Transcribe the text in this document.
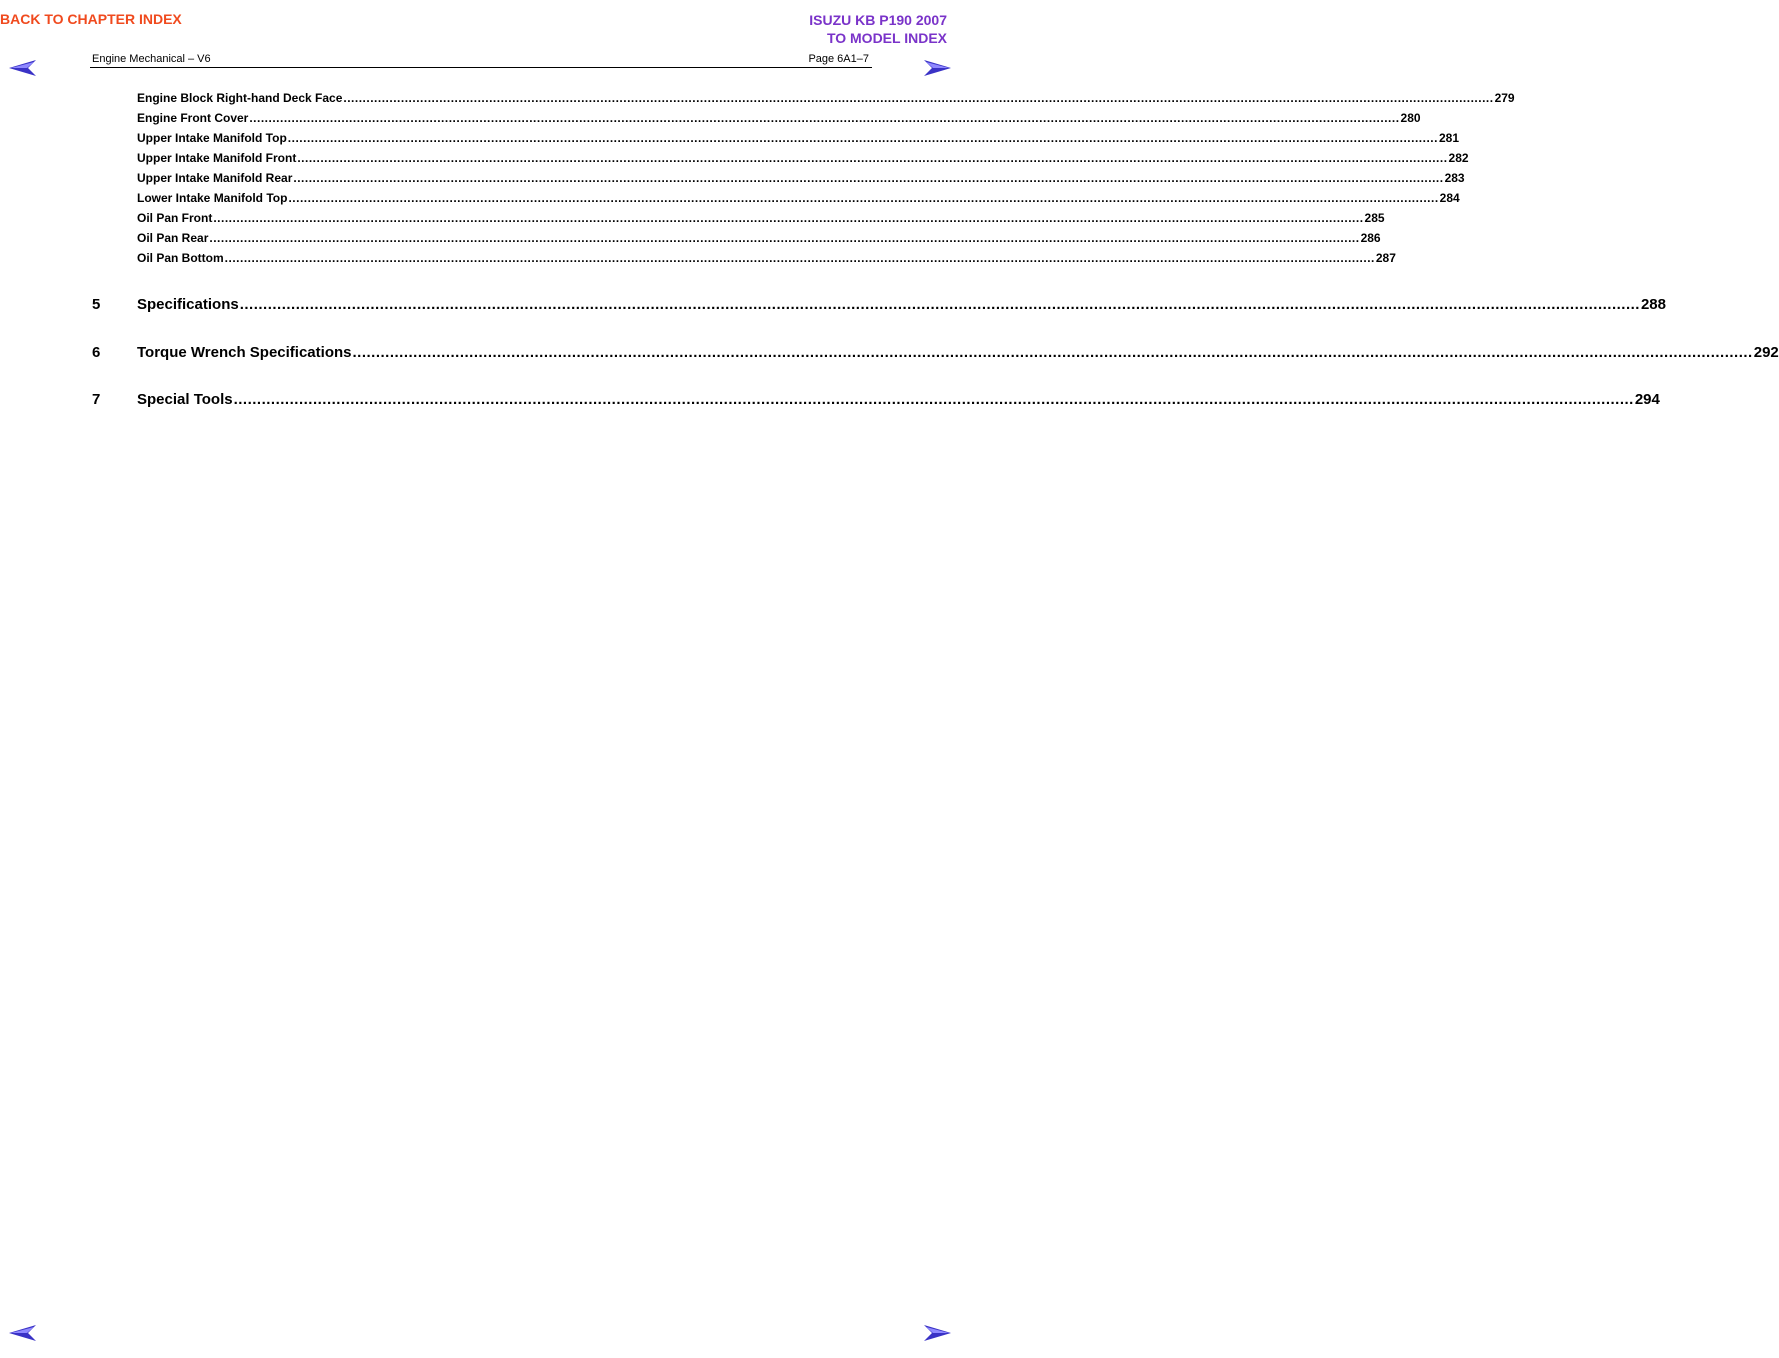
BACK TO CHAPTER INDEX	ISUZU KB P190 2007
TO MODEL INDEX
Engine Mechanical – V6	Page 6A1–7
Engine Block Right-hand Deck Face ............................................................................................................................................................................................................................................................................................................ 279
Engine Front Cover ............................................................................................................................................................................................................................................................................................................ 280
Upper Intake Manifold Top ............................................................................................................................................................................................................................................................................................................ 281
Upper Intake Manifold Front ............................................................................................................................................................................................................................................................................................................ 282
Upper Intake Manifold Rear ............................................................................................................................................................................................................................................................................................................ 283
Lower Intake Manifold Top ............................................................................................................................................................................................................................................................................................................ 284
Oil Pan Front ............................................................................................................................................................................................................................................................................................................ 285
Oil Pan Rear ............................................................................................................................................................................................................................................................................................................ 286
Oil Pan Bottom ............................................................................................................................................................................................................................................................................................................ 287
5	Specifications ............................................................................................................................................................................................................................................................................................................ 288
6	Torque Wrench Specifications ............................................................................................................................................................................................................................................................................................................ 292
7	Special Tools ............................................................................................................................................................................................................................................................................................................ 294
